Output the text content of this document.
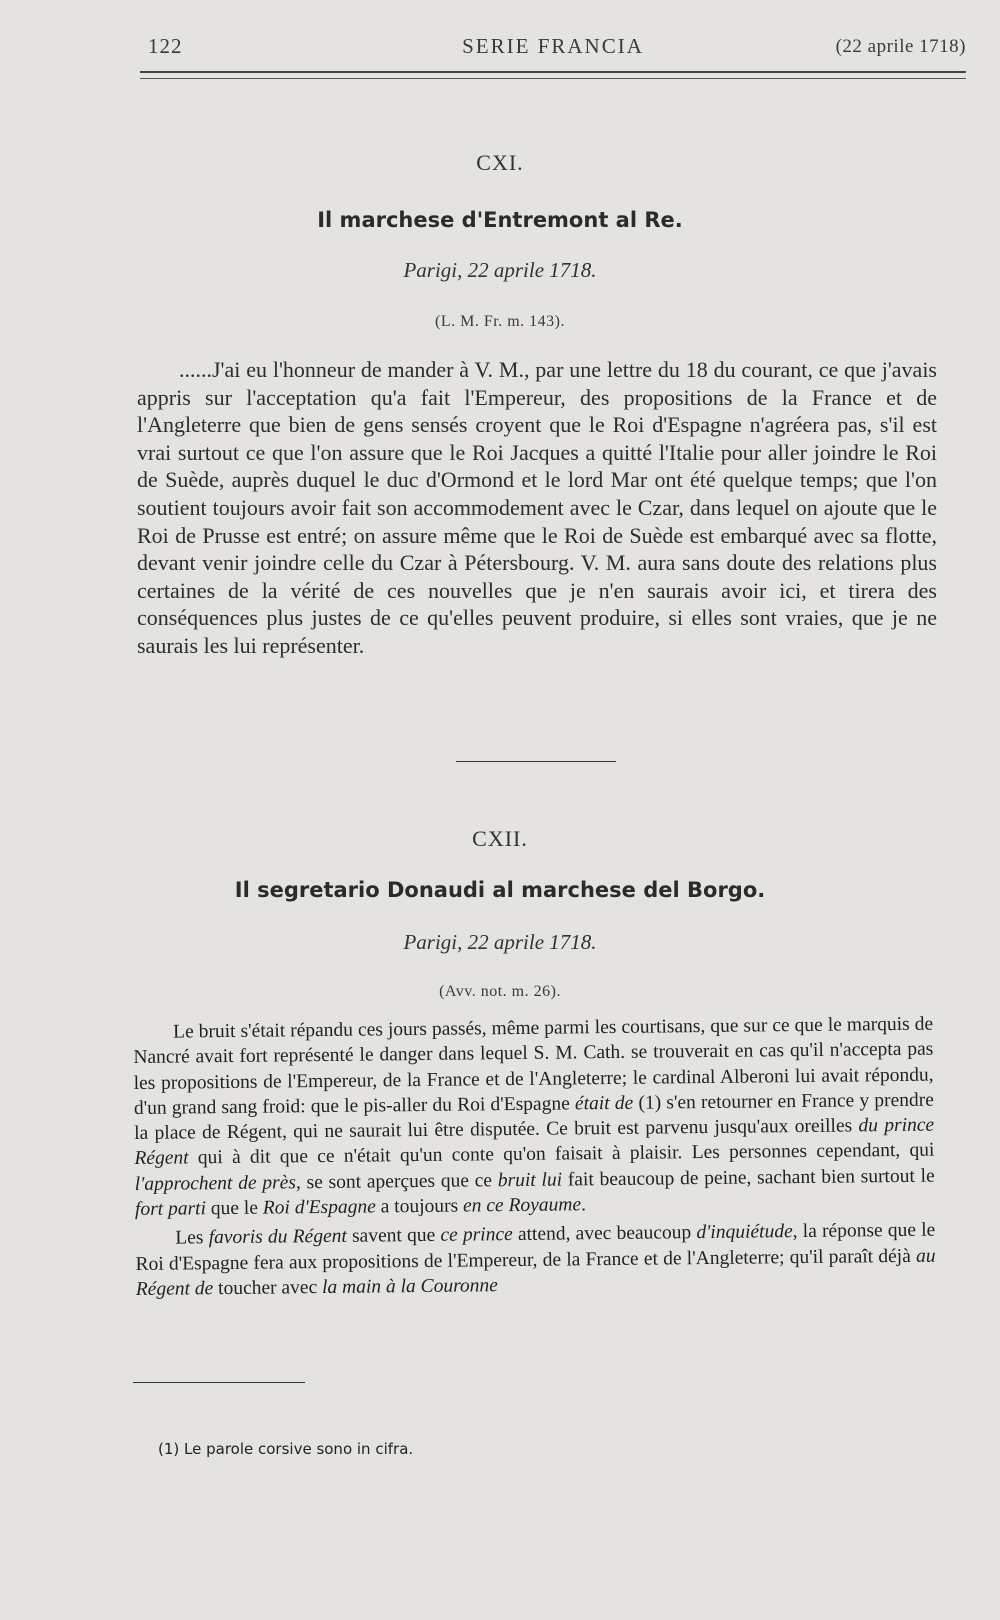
122	SERIE FRANCIA	(22 aprile 1718)
CXI.
Il marchese d'Entremont al Re.
Parigi, 22 aprile 1718.
(L. M. Fr. m. 143).

......J'ai eu l'honneur de mander à V. M., par une lettre du 18 du courant, ce que j'avais appris sur l'acceptation qu'a fait l'Empereur, des propositions de la France et de l'Angleterre que bien de gens sensés croyent que le Roi d'Espagne n'agréera pas, s'il est vrai surtout ce que l'on assure que le Roi Jacques a quitté l'Italie pour aller joindre le Roi de Suède, auprès duquel le duc d'Ormond et le lord Mar ont été quelque temps; que l'on soutient toujours avoir fait son accommodement avec le Czar, dans lequel on ajoute que le Roi de Prusse est entré; on assure même que le Roi de Suède est embarqué avec sa flotte, devant venir joindre celle du Czar à Pétersbourg. V. M. aura sans doute des relations plus certaines de la vérité de ces nouvelles que je n'en saurais avoir ici, et tirera des conséquences plus justes de ce qu'elles peuvent produire, si elles sont vraies, que je ne saurais les lui représenter.

CXII.
Il segretario Donaudi al marchese del Borgo.
Parigi, 22 aprile 1718.
(Avv. not. m. 26).

Le bruit s'était répandu ces jours passés, même parmi les courtisans, que sur ce que le marquis de Nancré avait fort représenté le danger dans lequel S. M. Cath. se trouverait en cas qu'il n'accepta pas les propositions de l'Empereur, de la France et de l'Angleterre; le cardinal Alberoni lui avait répondu, d'un grand sang froid: que le pis-aller du Roi d'Espagne était de (1) s'en retourner en France y prendre la place de Régent, qui ne saurait lui être disputée. Ce bruit est parvenu jusqu'aux oreilles du prince Régent qui à dit que ce n'était qu'un conte qu'on faisait à plaisir. Les personnes cependant, qui l'approchent de près, se sont aperçues que ce bruit lui fait beaucoup de peine, sachant bien surtout le fort parti que le Roi d'Espagne a toujours en ce Royaume.

Les favoris du Régent savent que ce prince attend, avec beaucoup d'inquiétude, la réponse que le Roi d'Espagne fera aux propositions de l'Empereur, de la France et de l'Angleterre; qu'il paraît déjà au Régent de toucher avec la main à la Couronne

(1) Le parole corsive sono in cifra.
